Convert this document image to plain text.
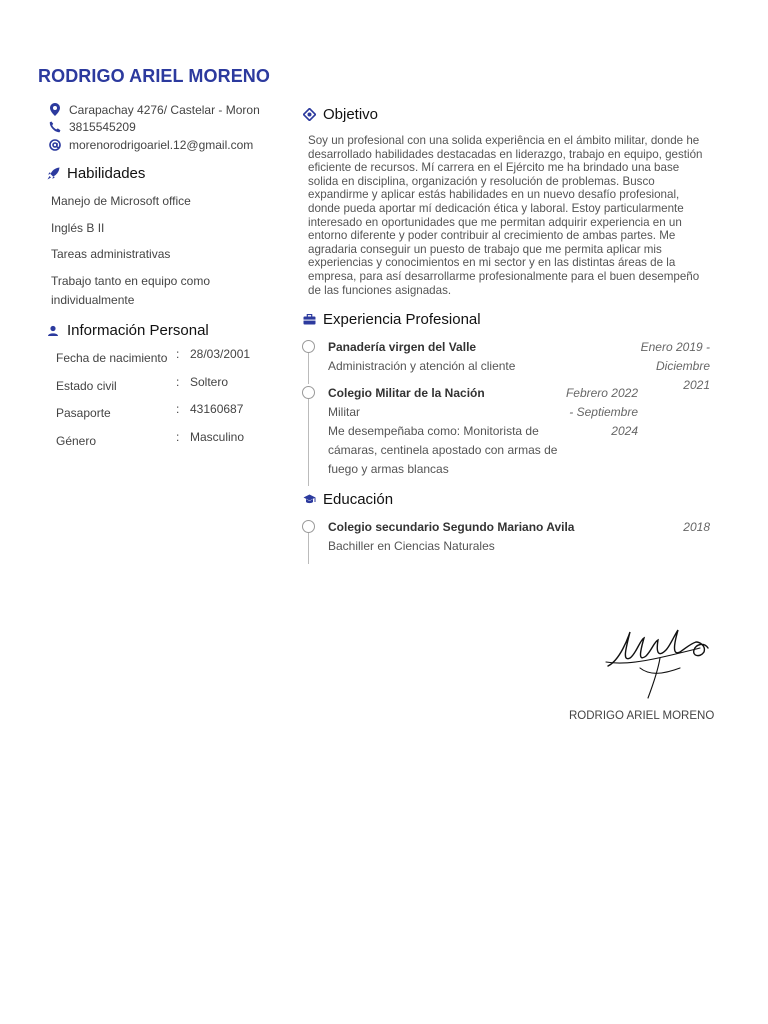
RODRIGO ARIEL MORENO
Carapachay 4276/ Castelar - Moron
3815545209
morenorodrigoariel.12@gmail.com
Habilidades
Manejo de Microsoft office
Inglés B II
Tareas administrativas
Trabajo tanto en equipo como individualmente
Información Personal
Fecha de nacimiento : 28/03/2001
Estado civil	: Soltero
Pasaporte	: 43160687
Género	: Masculino
Objetivo
Soy un profesional con una solida experiência en el ámbito militar, donde he desarrollado habilidades destacadas en liderazgo, trabajo en equipo, gestión eficiente de recursos. Mí carrera en el Ejército me ha brindado una base solida en disciplina, organización y resolución de problemas. Busco expandirme y aplicar estás habilidades en un nuevo desafío profesional, donde pueda aportar mí dedicación ética y laboral. Estoy particularmente interesado en oportunidades que me permitan adquirir experiencia en un entorno diferente y poder contribuir al crecimiento de ambas partes. Me agradaria conseguir un puesto de trabajo que me permita aplicar mis experiencias y conocimientos en mi sector y en las distintas áreas de la empresa, para así desarrollarme profesionalmente para el buen desempeño de las funciones asignadas.
Experiencia Profesional
Panadería virgen del Valle
Administración y atención al cliente
Enero 2019 - Diciembre 2021
Colegio Militar de la Nación
Militar
Me desempeñaba como: Monitorista de cámaras, centinela apostado con armas de fuego y armas blancas
Febrero 2022 - Septiembre 2024
Educación
Colegio secundario Segundo Mariano Avila
Bachiller en Ciencias Naturales
2018
RODRIGO ARIEL MORENO
